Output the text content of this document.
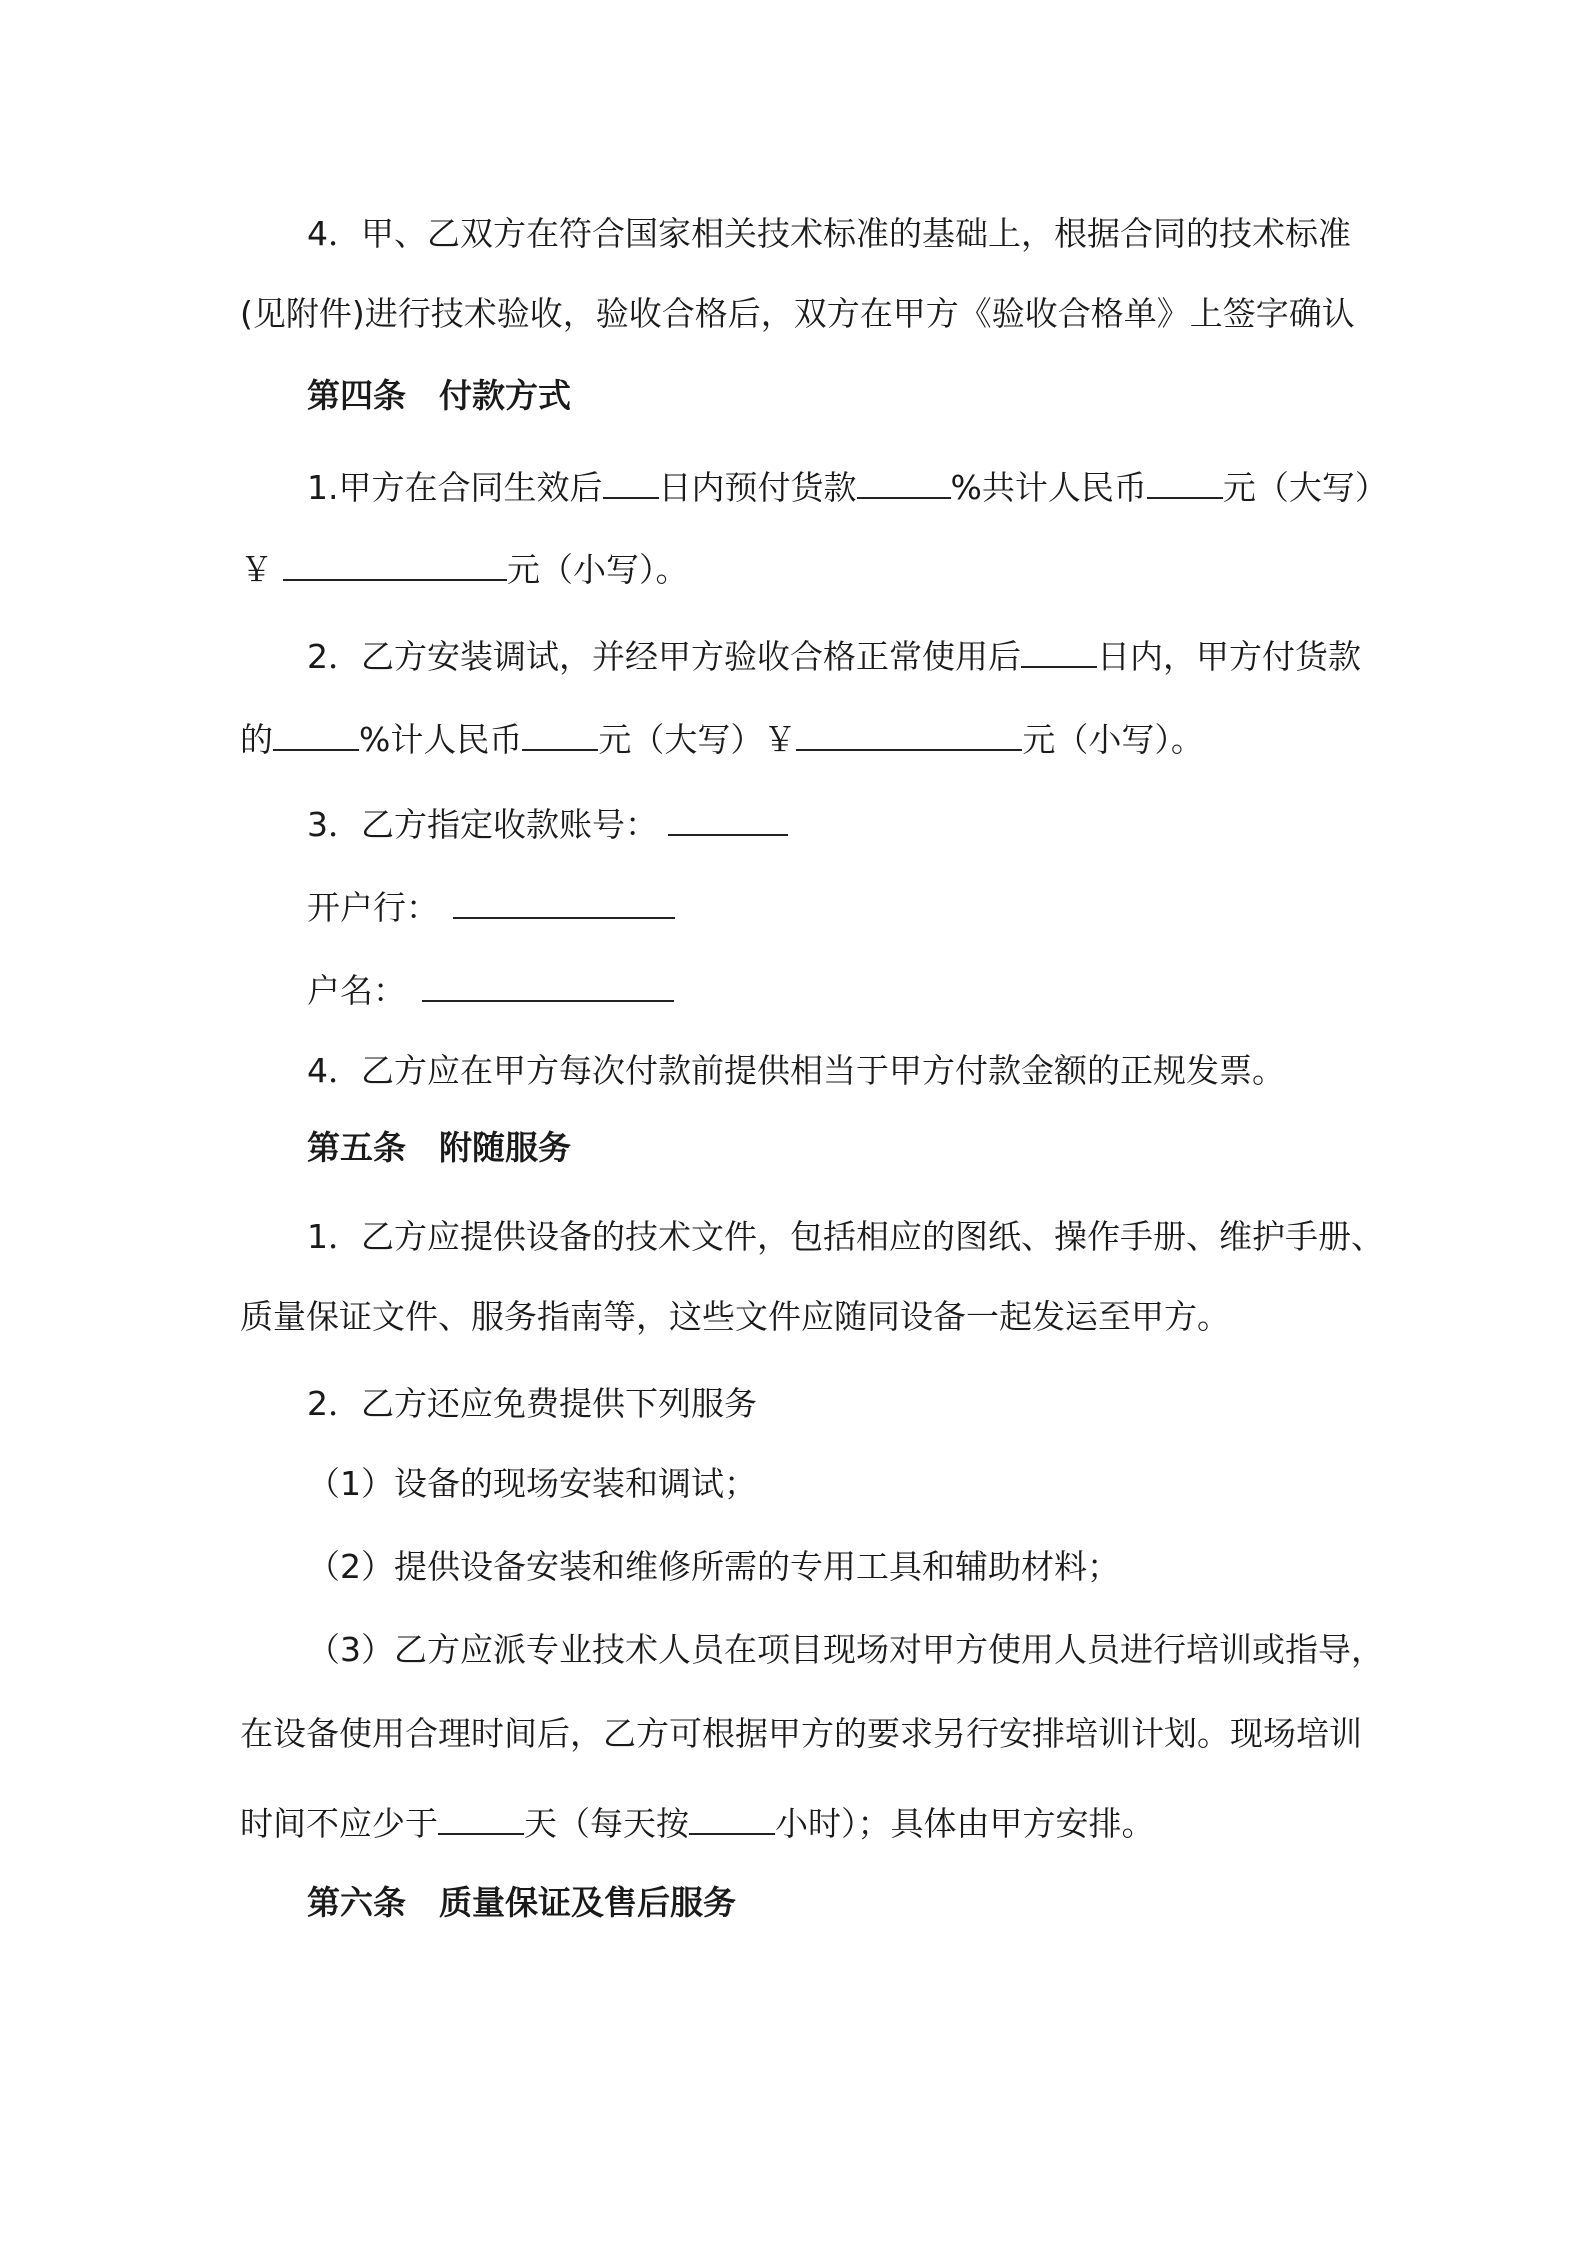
4．甲、乙双方在符合国家相关技术标准的基础上，根据合同的技术标准
(见附件)进行技术验收，验收合格后，双方在甲方《验收合格单》上签字确认
第四条　付款方式
1.甲方在合同生效后 日内预付货款	%共计人民币 元（大写）
￥	元（小写）。
2．乙方安装调试，并经甲方验收合格正常使用后 日内，甲方付货款
的	%计人民币 元（大写）￥	元（小写）。
3．乙方指定收款账号：
开户行：
户名：
4．乙方应在甲方每次付款前提供相当于甲方付款金额的正规发票。
第五条　附随服务
1．乙方应提供设备的技术文件，包括相应的图纸、操作手册、维护手册、
质量保证文件、服务指南等，这些文件应随同设备一起发运至甲方。
2．乙方还应免费提供下列服务
（1）设备的现场安装和调试；
（2）提供设备安装和维修所需的专用工具和辅助材料；
（3）乙方应派专业技术人员在项目现场对甲方使用人员进行培训或指导，
在设备使用合理时间后，乙方可根据甲方的要求另行安排培训计划。现场培训
时间不应少于	天（每天按	小时）；具体由甲方安排。
第六条　质量保证及售后服务
